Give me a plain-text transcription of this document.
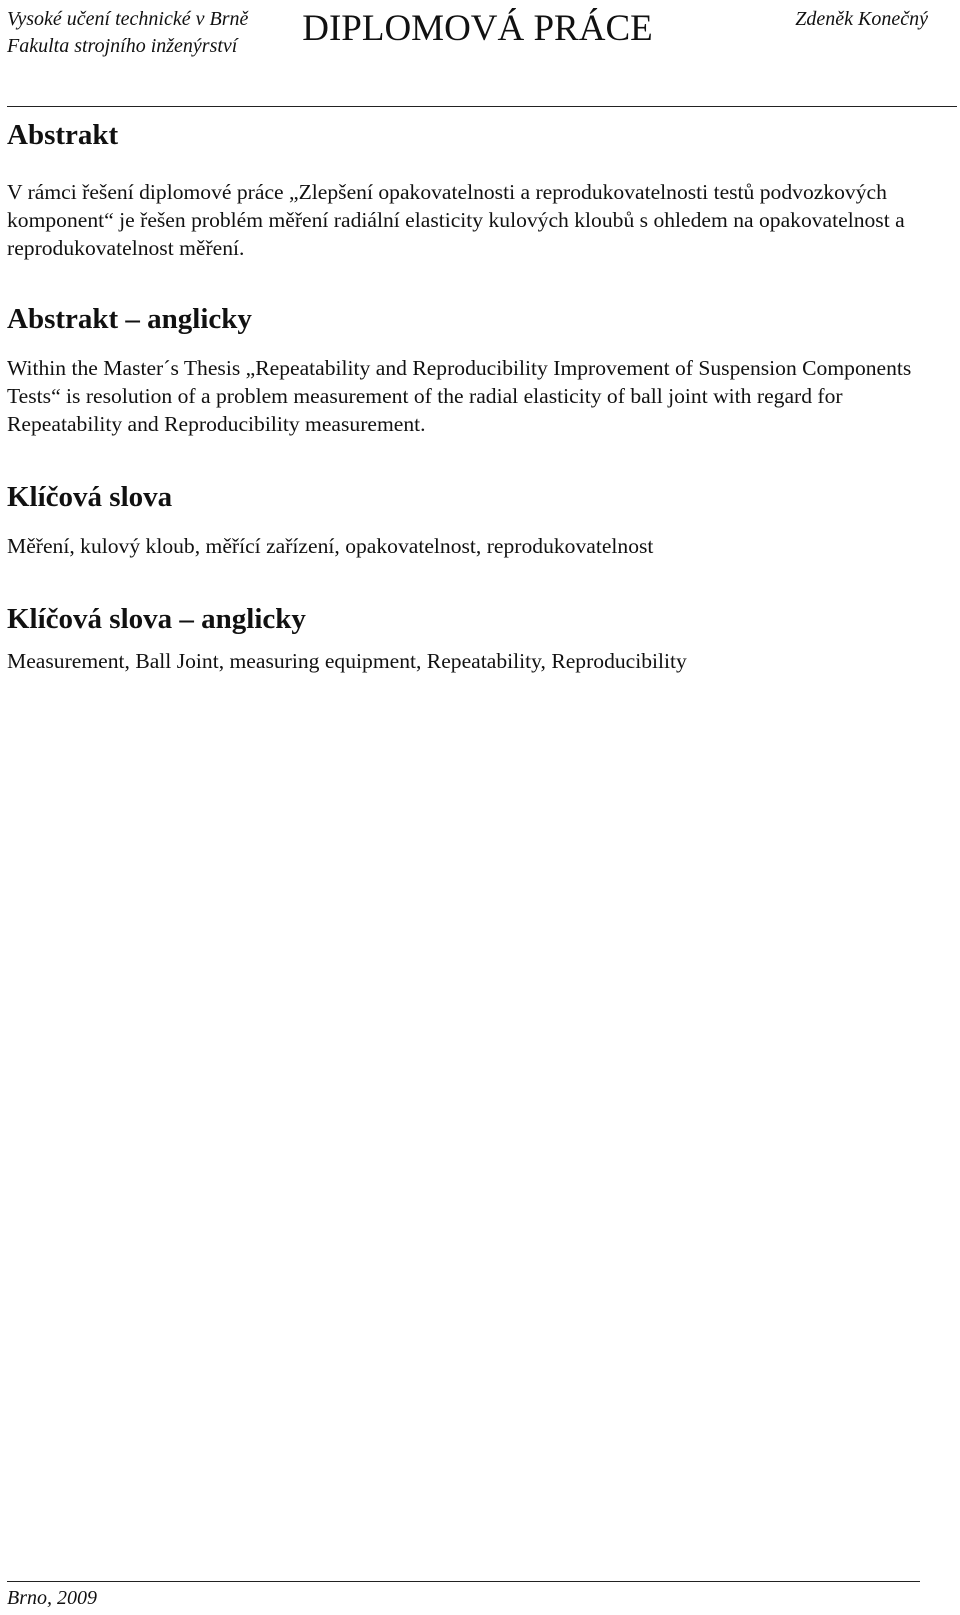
Vysoké učení technické v Brně
Fakulta strojního inženýrství	DIPLOMOVÁ PRÁCE	Zdeněk Konečný
Abstrakt

V rámci řešení diplomové práce „Zlepšení opakovatelnosti a reprodukovatelnosti testů podvozkových komponent“ je řešen problém měření radiální elasticity kulových kloubů s ohledem na opakovatelnost a reprodukovatelnost měření.

Abstrakt – anglicky

Within the Master´s Thesis „Repeatability and Reproducibility Improvement of Suspension Components Tests“ is resolution of a problem measurement of the radial elasticity of ball joint with regard for Repeatability and Reproducibility measurement.

Klíčová slova

Měření, kulový kloub, měřící zařízení, opakovatelnost, reprodukovatelnost

Klíčová slova – anglicky

Measurement, Ball Joint, measuring equipment, Repeatability, Reproducibility

Brno, 2009
